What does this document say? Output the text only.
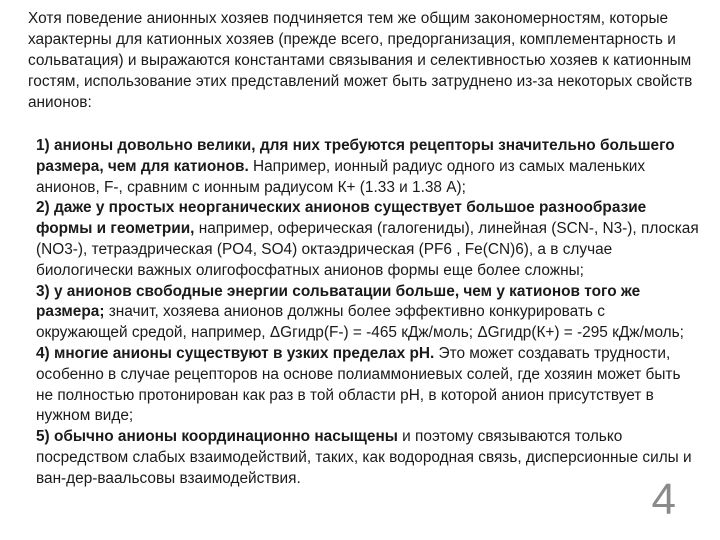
Хотя поведение анионных хозяев подчиняется тем же общим закономерностям, которые характерны для катионных хозяев (прежде всего, предорганизация, комплементарность и сольватация) и выражаются константами связывания и селективностью хозяев к катионным гостям, использование этих представлений может быть затруднено из-за некоторых свойств анионов:

1) анионы довольно велики, для них требуются рецепторы значительно большего размера, чем для катионов. Например, ионный радиус одного из самых маленьких анионов, F-, сравним с ионным радиусом К+ (1.33 и 1.38 А);

2) даже у простых неорганических анионов существует большое разнообразие формы и геометрии, например, оферическая (галогениды), линейная (SCN-, N3-), плоская (NO3-), тетраэдрическая (PO4, SO4) октаэдрическая (PF6 , Fe(CN)6), а в случае биологически важных олигофосфатных анионов формы еще более сложны;

3) у анионов свободные энергии сольватации больше, чем у катионов того же размера; значит, хозяева анионов должны более эффективно конкурировать с окружающей средой, например, ΔGгидр(F-) = -465 кДж/моль; ΔGгидр(К+) = -295 кДж/моль;

4) многие анионы существуют в узких пределах рН. Это может создавать трудности, особенно в случае рецепторов на основе полиаммониевых солей, где хозяин может быть не полностью протонирован как раз в той области рН, в которой анион присутствует в нужном виде;

5) обычно анионы координационно насыщены и поэтому связываются только посредством слабых взаимодействий, таких, как водородная связь, дисперсионные силы и ван-дер-ваальсовы взаимодействия.	4
